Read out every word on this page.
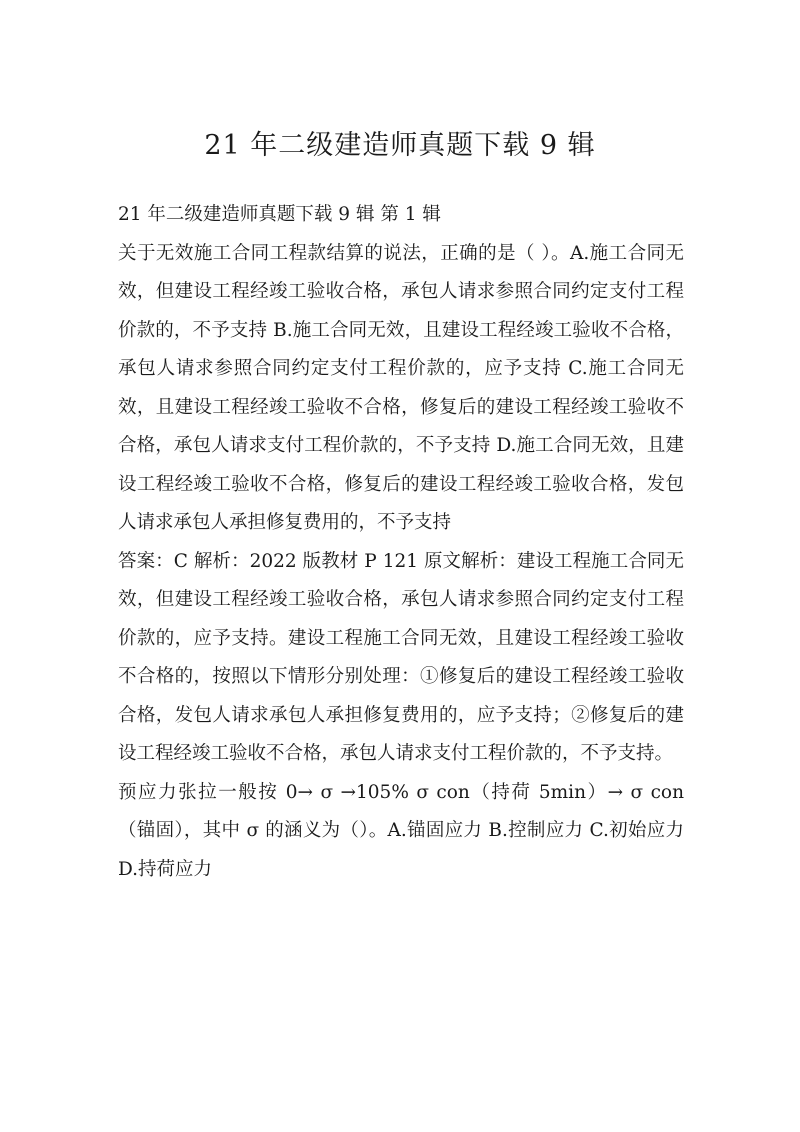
21 年二级建造师真题下载 9 辑

21 年二级建造师真题下载 9 辑 第 1 辑

关于无效施工合同工程款结算的说法，正确的是（ ）。A.施工合同无效，但建设工程经竣工验收合格，承包人请求参照合同约定支付工程价款的，不予支持 B.施工合同无效，且建设工程经竣工验收不合格，承包人请求参照合同约定支付工程价款的，应予支持 C.施工合同无效，且建设工程经竣工验收不合格，修复后的建设工程经竣工验收不合格，承包人请求支付工程价款的，不予支持 D.施工合同无效，且建设工程经竣工验收不合格，修复后的建设工程经竣工验收合格，发包人请求承包人承担修复费用的，不予支持

答案：C 解析：2022 版教材 P 121 原文解析：建设工程施工合同无效，但建设工程经竣工验收合格，承包人请求参照合同约定支付工程价款的，应予支持。建设工程施工合同无效，且建设工程经竣工验收不合格的，按照以下情形分别处理：①修复后的建设工程经竣工验收合格，发包人请求承包人承担修复费用的，应予支持；②修复后的建设工程经竣工验收不合格，承包人请求支付工程价款的，不予支持。

预应力张拉一般按 0→ σ →105% σ con（持荷 5min）→ σ con（锚固），其中 σ 的涵义为（）。A.锚固应力 B.控制应力 C.初始应力 D.持荷应力
